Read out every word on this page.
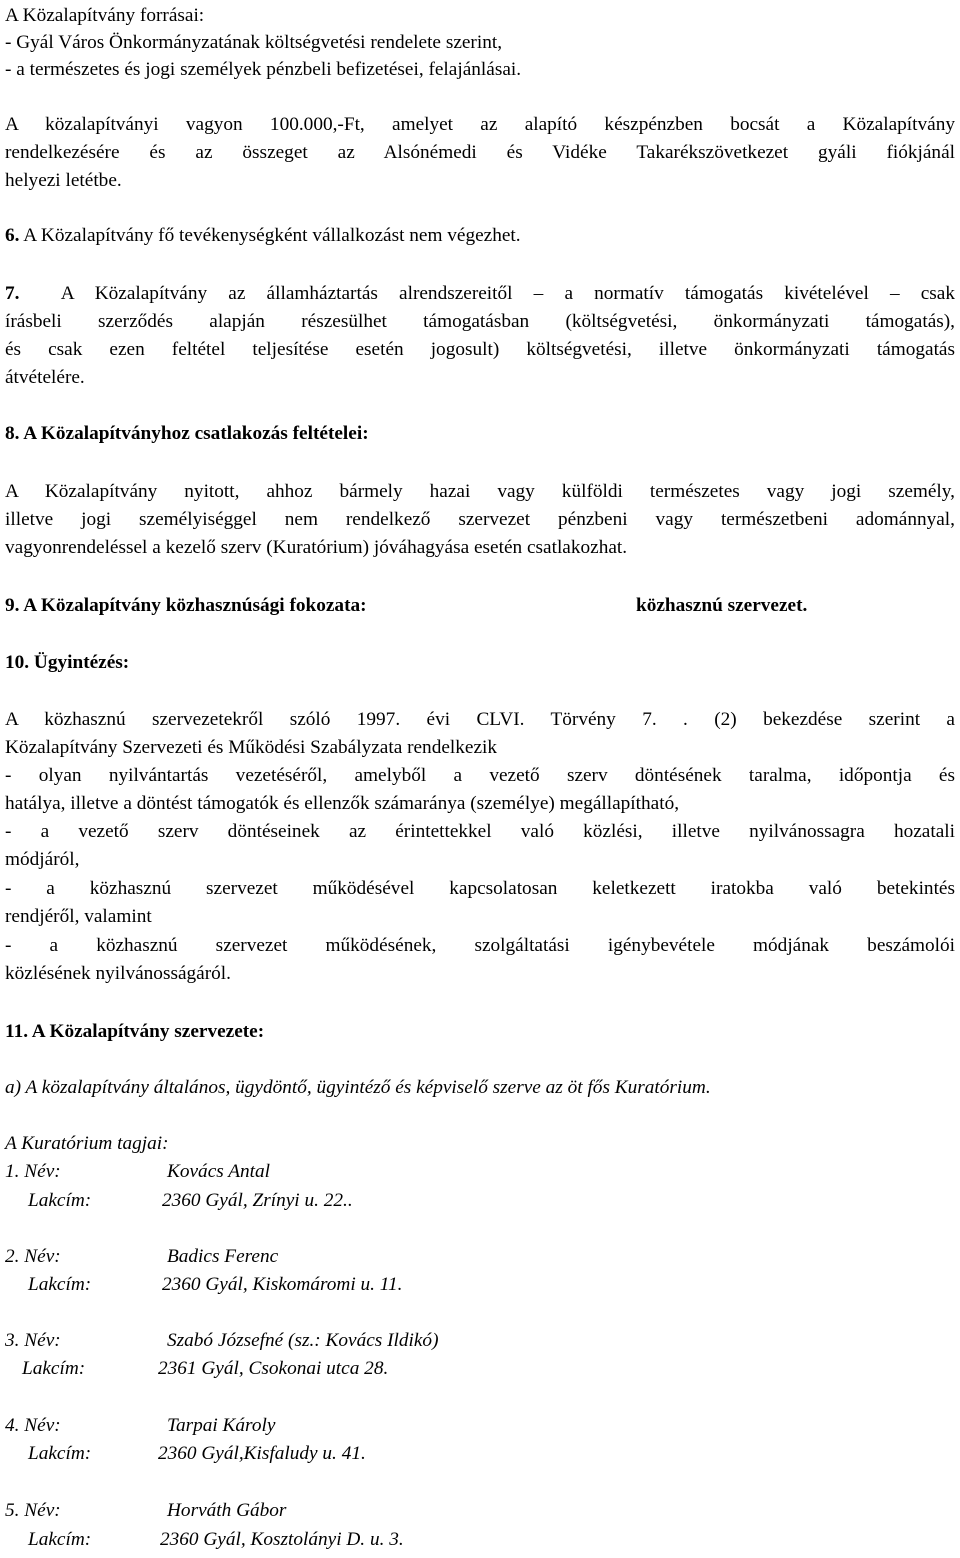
A Közalapítvány forrásai:
- Gyál Város Önkormányzatának költségvetési rendelete szerint,
- a természetes és jogi személyek pénzbeli befizetései, felajánlásai.
A közalapítványi vagyon 100.000,-Ft, amelyet az alapító készpénzben bocsát a Közalapítvány
rendelkezésére és az összeget az Alsónémedi és Vidéke Takarékszövetkezet gyáli fiókjánál
helyezi letétbe.
6. A Közalapítvány fő tevékenységként vállalkozást nem végezhet.
7. A Közalapítvány az államháztartás alrendszereitől – a normatív támogatás kivételével – csak
írásbeli szerződés alapján részesülhet támogatásban (költségvetési, önkormányzati támogatás),
és csak ezen feltétel teljesítése esetén jogosult) költségvetési, illetve önkormányzati támogatás
átvételére.
8. A Közalapítványhoz csatlakozás feltételei:
A Közalapítvány nyitott, ahhoz bármely hazai vagy külföldi természetes vagy jogi személy,
illetve jogi személyiséggel nem rendelkező szervezet pénzbeni vagy természetbeni adománnyal,
vagyonrendeléssel a kezelő szerv (Kuratórium) jóváhagyása esetén csatlakozhat.
9. A Közalapítvány közhasznúsági fokozata:	közhasznú szervezet.
10. Ügyintézés:
A közhasznú szervezetekről szóló 1997. évi CLVI. Törvény 7. . (2) bekezdése szerint a
Közalapítvány Szervezeti és Működési Szabályzata rendelkezik
- olyan nyilvántartás vezetéséről, amelyből a vezető szerv döntésének taralma, időpontja és
hatálya, illetve a döntést támogatók és ellenzők számaránya (személye) megállapítható,
- a vezető szerv döntéseinek az érintettekkel való közlési, illetve nyilvánossagra hozatali
módjáról,
- a közhasznú szervezet működésével kapcsolatosan keletkezett iratokba való betekintés
rendjéről, valamint
- a közhasznú szervezet működésének, szolgáltatási igénybevétele módjának beszámolói
közlésének nyilvánosságáról.
11. A Közalapítvány szervezete:
a) A közalapítvány általános, ügydöntő, ügyintéző és képviselő szerve az öt fős Kuratórium.
A Kuratórium tagjai:
1. Név:	Kovács Antal
Lakcím:	2360 Gyál, Zrínyi u. 22..
2. Név:	Badics Ferenc
Lakcím:	2360 Gyál, Kiskomáromi u. 11.
3. Név:	Szabó Józsefné (sz.: Kovács Ildikó)
Lakcím:	2361 Gyál, Csokonai utca 28.
4. Név:	Tarpai Károly
Lakcím:	2360 Gyál,Kisfaludy u. 41.
5. Név:	Horváth Gábor
Lakcím:	2360 Gyál, Kosztolányi D. u. 3.
